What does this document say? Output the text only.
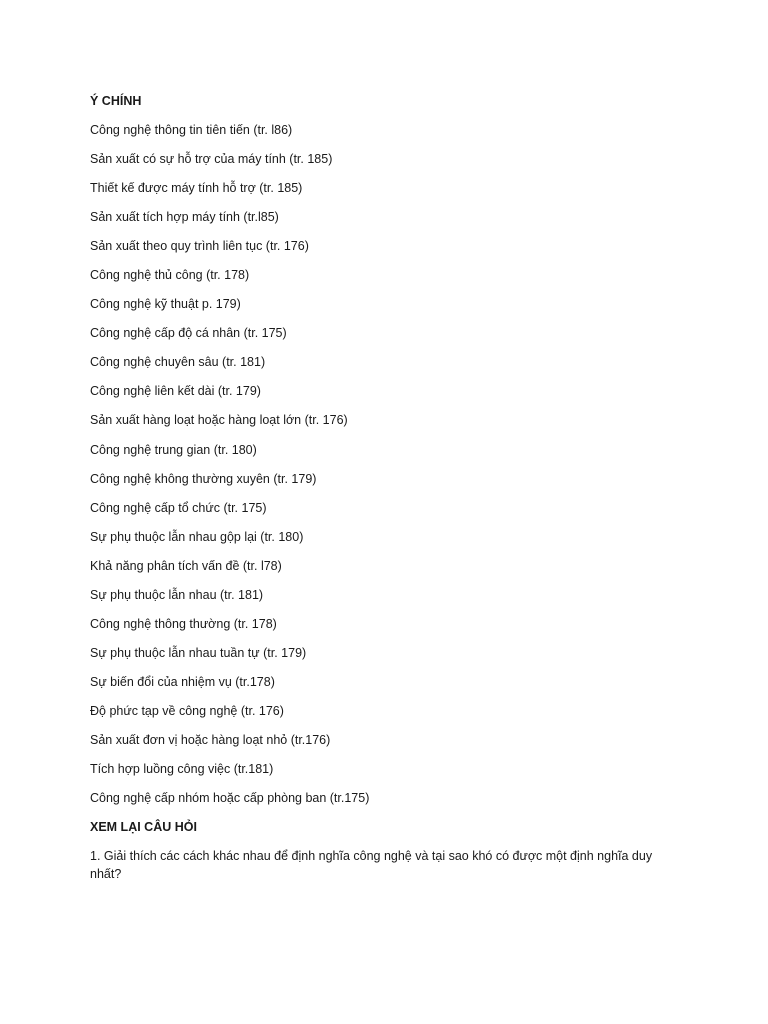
Ý CHÍNH
Công nghệ thông tin tiên tiến (tr. l86)
Sản xuất có sự hỗ trợ của máy tính (tr. 185)
Thiết kế được máy tính hỗ trợ (tr. 185)
Sản xuất tích hợp máy tính (tr.l85)
Sản xuất theo quy trình liên tục (tr. 176)
Công nghệ thủ công (tr. 178)
Công nghệ kỹ thuật p. 179)
Công nghệ cấp độ cá nhân (tr. 175)
Công nghệ chuyên sâu (tr. 181)
Công nghệ liên kết dài (tr. 179)
Sản xuất hàng loạt hoặc hàng loạt lớn (tr. 176)
Công nghệ trung gian (tr. 180)
Công nghệ không thường xuyên (tr. 179)
Công nghệ cấp tổ chức (tr. 175)
Sự phụ thuộc lẫn nhau gộp lại (tr. 180)
Khả năng phân tích vấn đề (tr. l78)
Sự phụ thuộc lẫn nhau (tr. 181)
Công nghệ thông thường (tr. 178)
Sự phụ thuộc lẫn nhau tuần tự (tr. 179)
Sự biến đổi của nhiệm vụ (tr.178)
Độ phức tạp về công nghệ (tr. 176)
Sản xuất đơn vị hoặc hàng loạt nhỏ (tr.176)
Tích hợp luồng công việc (tr.181)
Công nghệ cấp nhóm hoặc cấp phòng ban (tr.175)
XEM LẠI CÂU HỎI

1. Giải thích các cách khác nhau để định nghĩa công nghệ và tại sao khó có được một định nghĩa duy nhất?
